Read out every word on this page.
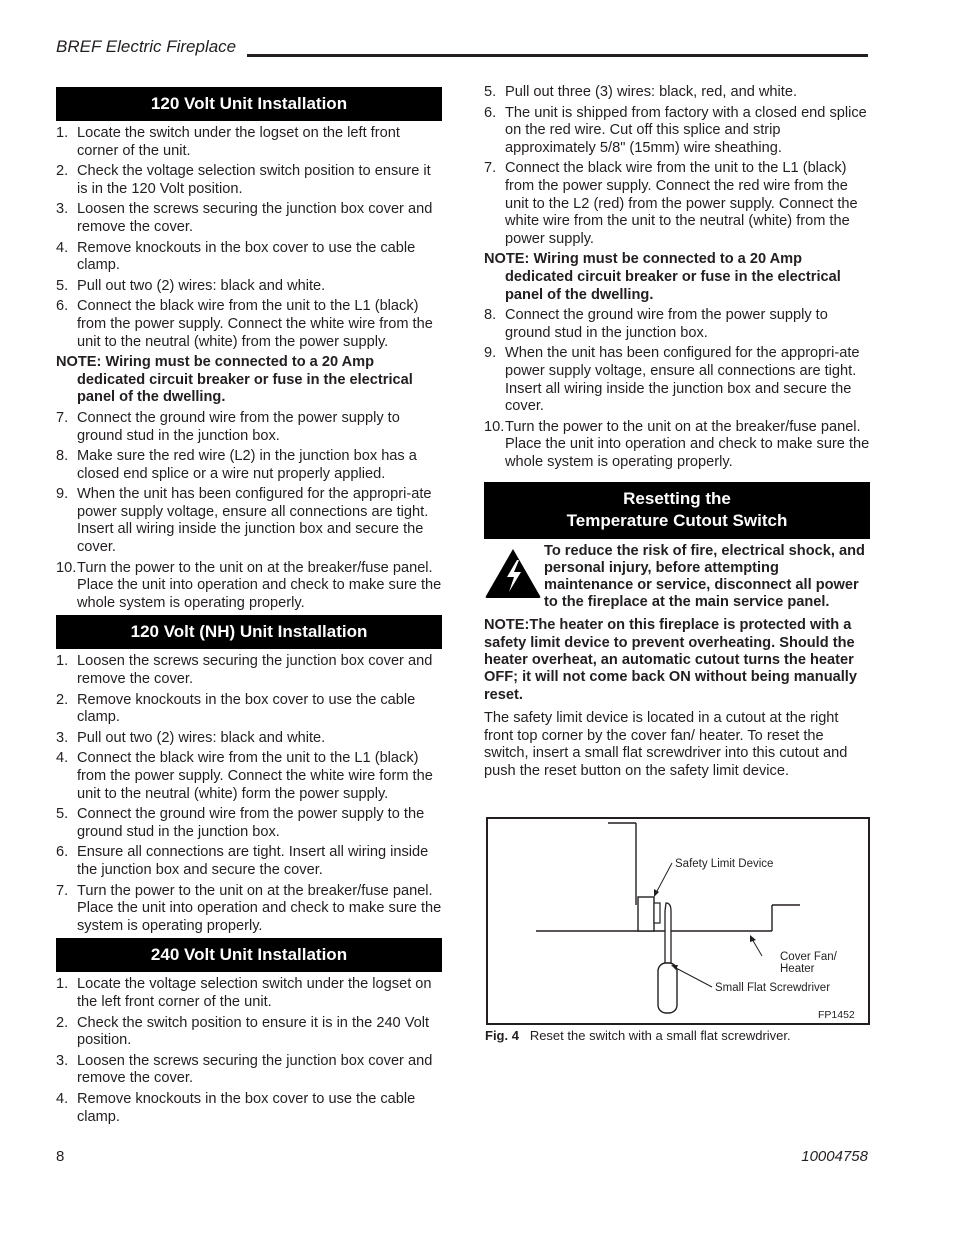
BREF Electric Fireplace
120 Volt Unit Installation
1. Locate the switch under the logset on the left front corner of the unit.
2. Check the voltage selection switch position to ensure it is in the 120 Volt position.
3. Loosen the screws securing the junction box cover and remove the cover.
4. Remove knockouts in the box cover to use the cable clamp.
5. Pull out two (2) wires: black and white.
6. Connect the black wire from the unit to the L1 (black) from the power supply. Connect the white wire from the unit to the neutral (white) from the power supply.
NOTE: Wiring must be connected to a 20 Amp dedicated circuit breaker or fuse in the electrical panel of the dwelling.
7. Connect the ground wire from the power supply to ground stud in the junction box.
8. Make sure the red wire (L2) in the junction box has a closed end splice or a wire nut properly applied.
9. When the unit has been configured for the appropri-ate power supply voltage, ensure all connections are tight. Insert all wiring inside the junction box and secure the cover.
10. Turn the power to the unit on at the breaker/fuse panel. Place the unit into operation and check to make sure the whole system is operating properly.
120 Volt (NH) Unit Installation
1. Loosen the screws securing the junction box cover and remove the cover.
2. Remove knockouts in the box cover to use the cable clamp.
3. Pull out two (2) wires: black and white.
4. Connect the black wire from the unit to the L1 (black) from the power supply. Connect the white wire form the unit to the neutral (white) form the power supply.
5. Connect the ground wire from the power supply to the ground stud in the junction box.
6. Ensure all connections are tight. Insert all wiring inside the junction box and secure the cover.
7. Turn the power to the unit on at the breaker/fuse panel. Place the unit into operation and check to make sure the system is operating properly.
240 Volt Unit Installation
1. Locate the voltage selection switch under the logset on the left front corner of the unit.
2. Check the switch position to ensure it is in the 240 Volt position.
3. Loosen the screws securing the junction box cover and remove the cover.
4. Remove knockouts in the box cover to use the cable clamp.
5. Pull out three (3) wires: black, red, and white.
6. The unit is shipped from factory with a closed end splice on the red wire. Cut off this splice and strip approximately 5/8" (15mm) wire sheathing.
7. Connect the black wire from the unit to the L1 (black) from the power supply. Connect the red wire from the unit to the L2 (red) from the power supply. Connect the white wire from the unit to the neutral (white) from the power supply.
NOTE: Wiring must be connected to a 20 Amp dedicated circuit breaker or fuse in the electrical panel of the dwelling.
8. Connect the ground wire from the power supply to ground stud in the junction box.
9. When the unit has been configured for the appropri-ate power supply voltage, ensure all connections are tight. Insert all wiring inside the junction box and secure the cover.
10. Turn the power to the unit on at the breaker/fuse panel. Place the unit into operation and check to make sure the whole system is operating properly.
Resetting the
Temperature Cutout Switch
To reduce the risk of fire, electrical shock, and personal injury, before attempting maintenance or service, disconnect all power to the fireplace at the main service panel.
NOTE:The heater on this fireplace is protected with a safety limit device to prevent overheating. Should the heater overheat, an automatic cutout turns the heater OFF; it will not come back ON without being manually reset.
The safety limit device is located in a cutout at the right front top corner by the cover fan/ heater. To reset the switch, insert a small flat screwdriver into this cutout and push the reset button on the safety limit device.
Safety Limit Device
Cover Fan/
Heater
Small Flat Screwdriver
FP1452
Fig. 4 Reset the switch with a small flat screwdriver.
8	10004758
